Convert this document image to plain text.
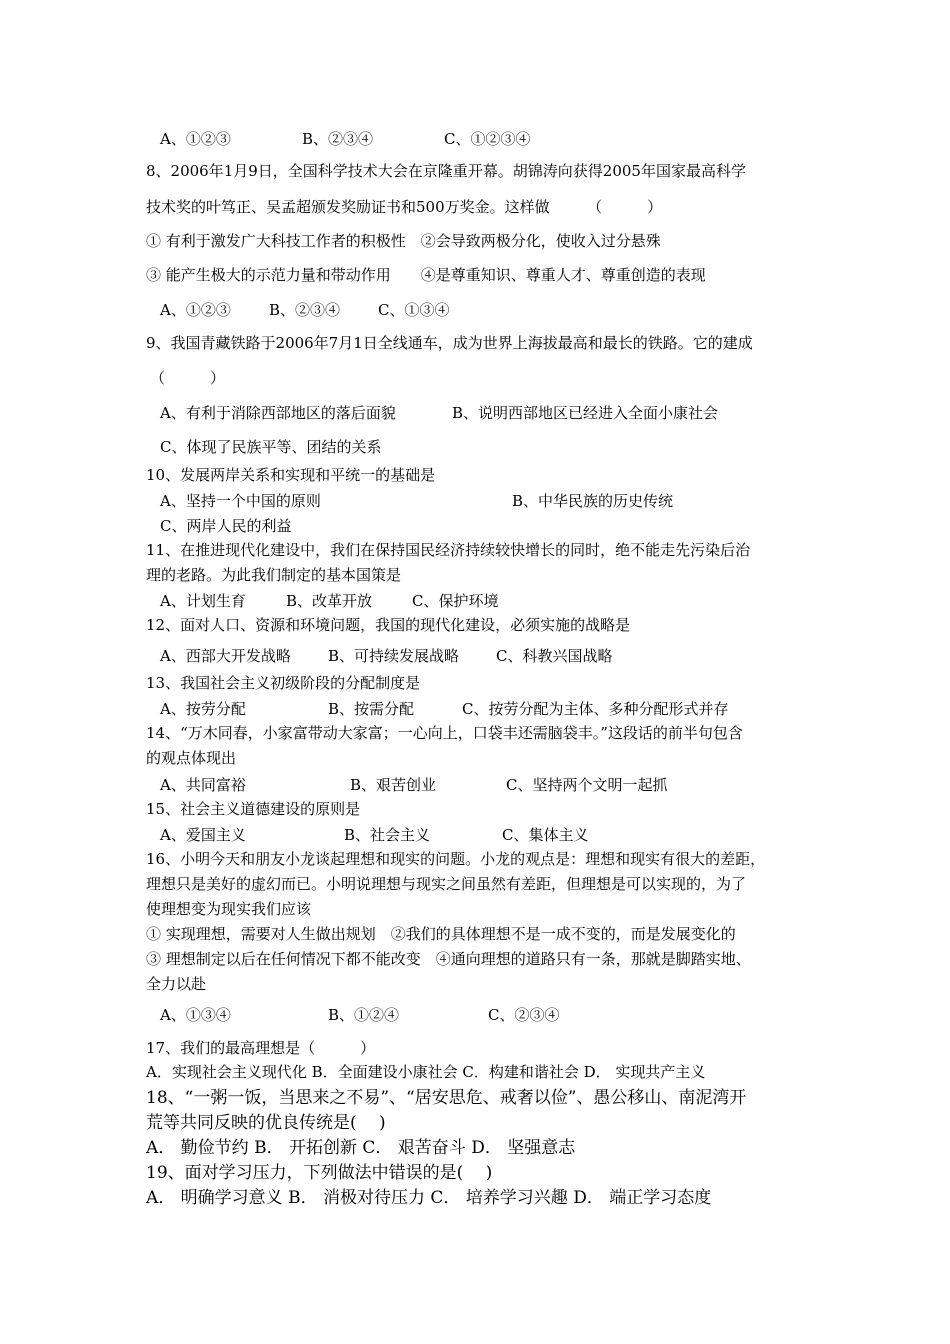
A、①②③	B、②③④	C、①②③④
8、2006年1月9日，全国科学技术大会在京隆重开幕。胡锦涛向获得2005年国家最高科学
技术奖的叶笃正、吴孟超颁发奖励证书和500万奖金。这样做　　　（　　　）
① 有利于激发广大科技工作者的积极性　②会导致两极分化，使收入过分悬殊
③ 能产生极大的示范力量和带动作用　　④是尊重知识、尊重人才、尊重创造的表现
A、①②③	B、②③④	C、①③④
9、我国青藏铁路于2006年7月1日全线通车，成为世界上海拔最高和最长的铁路。它的建成
（　　　）
A、有利于消除西部地区的落后面貌	B、说明西部地区已经进入全面小康社会
C、体现了民族平等、团结的关系
10、发展两岸关系和实现和平统一的基础是
A、坚持一个中国的原则	B、中华民族的历史传统
C、两岸人民的利益
11、在推进现代化建设中，我们在保持国民经济持续较快增长的同时，绝不能走先污染后治
理的老路。为此我们制定的基本国策是
A、计划生育	B、改革开放	C、保护环境
12、面对人口、资源和环境问题，我国的现代化建设，必须实施的战略是
A、西部大开发战略 B、可持续发展战略 C、科教兴国战略
13、我国社会主义初级阶段的分配制度是
A、按劳分配	B、按需分配	C、按劳分配为主体、多种分配形式并存
14、“万木同春，小家富带动大家富；一心向上，口袋丰还需脑袋丰。”这段话的前半句包含
的观点体现出
A、共同富裕	B、艰苦创业	C、坚持两个文明一起抓
15、社会主义道德建设的原则是
A、爱国主义	B、社会主义	C、集体主义
16、小明今天和朋友小龙谈起理想和现实的问题。小龙的观点是：理想和现实有很大的差距，
理想只是美好的虚幻而已。小明说理想与现实之间虽然有差距，但理想是可以实现的，为了
使理想变为现实我们应该
① 实现理想，需要对人生做出规划　②我们的具体理想不是一成不变的，而是发展变化的
③ 理想制定以后在任何情况下都不能改变　④通向理想的道路只有一条，那就是脚踏实地、
全力以赴
A、①③④	B、①②④	C、②③④
17、我们的最高理想是（　　　）
A．实现社会主义现代化 B．全面建设小康社会 C．构建和谐社会 D． 实现共产主义
18、“一粥一饭，当思来之不易”、“居安思危、戒奢以俭”、愚公移山、南泥湾开
荒等共同反映的优良传统是(　 )
A． 勤俭节约 B． 开拓创新 C． 艰苦奋斗 D． 坚强意志
19、面对学习压力，下列做法中错误的是(　 )
A． 明确学习意义 B． 消极对待压力 C． 培养学习兴趣 D． 端正学习态度
